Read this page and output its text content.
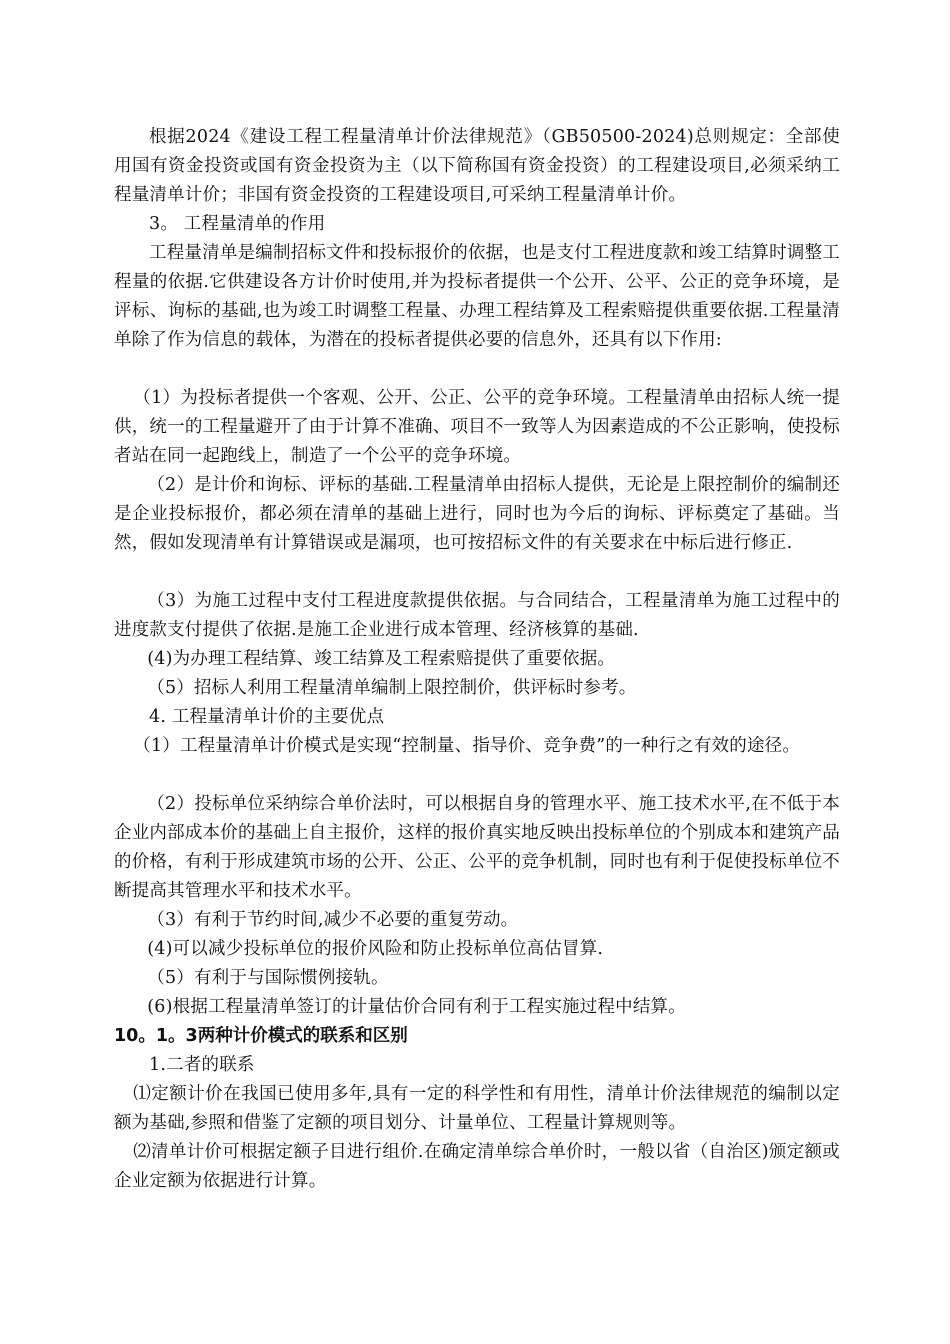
根据2024《建设工程工程量清单计价法律规范》（GB50500-2024)总则规定：全部使用国有资金投资或国有资金投资为主（以下简称国有资金投资）的工程建设项目,必须采纳工程量清单计价；非国有资金投资的工程建设项目,可采纳工程量清单计价。

3。 工程量清单的作用

工程量清单是编制招标文件和投标报价的依据，也是支付工程进度款和竣工结算时调整工程量的依据.它供建设各方计价时使用,并为投标者提供一个公开、公平、公正的竞争环境，是评标、询标的基础,也为竣工时调整工程量、办理工程结算及工程索赔提供重要依据.工程量清单除了作为信息的载体，为潜在的投标者提供必要的信息外，还具有以下作用:

（1）为投标者提供一个客观、公开、公正、公平的竞争环境。工程量清单由招标人统一提供，统一的工程量避开了由于计算不准确、项目不一致等人为因素造成的不公正影响，使投标者站在同一起跑线上，制造了一个公平的竞争环境。

（2）是计价和询标、评标的基础.工程量清单由招标人提供，无论是上限控制价的编制还是企业投标报价，都必须在清单的基础上进行，同时也为今后的询标、评标奠定了基础。当然，假如发现清单有计算错误或是漏项，也可按招标文件的有关要求在中标后进行修正.

（3）为施工过程中支付工程进度款提供依据。与合同结合，工程量清单为施工过程中的进度款支付提供了依据.是施工企业进行成本管理、经济核算的基础.

(4)为办理工程结算、竣工结算及工程索赔提供了重要依据。

（5）招标人利用工程量清单编制上限控制价，供评标时参考。

4. 工程量清单计价的主要优点

（1）工程量清单计价模式是实现“控制量、指导价、竞争费”的一种行之有效的途径。

（2）投标单位采纳综合单价法时，可以根据自身的管理水平、施工技术水平,在不低于本企业内部成本价的基础上自主报价，这样的报价真实地反映出投标单位的个别成本和建筑产品的价格，有利于形成建筑市场的公开、公正、公平的竞争机制，同时也有利于促使投标单位不断提高其管理水平和技术水平。

（3）有利于节约时间,减少不必要的重复劳动。

(4)可以减少投标单位的报价风险和防止投标单位高估冒算.

（5）有利于与国际惯例接轨。

(6)根据工程量清单签订的计量估价合同有利于工程实施过程中结算。

10。1。3两种计价模式的联系和区别

1.二者的联系

⑴定额计价在我国已使用多年,具有一定的科学性和有用性，清单计价法律规范的编制以定额为基础,参照和借鉴了定额的项目划分、计量单位、工程量计算规则等。

⑵清单计价可根据定额子目进行组价.在确定清单综合单价时，一般以省（自治区)颁定额或企业定额为依据进行计算。
